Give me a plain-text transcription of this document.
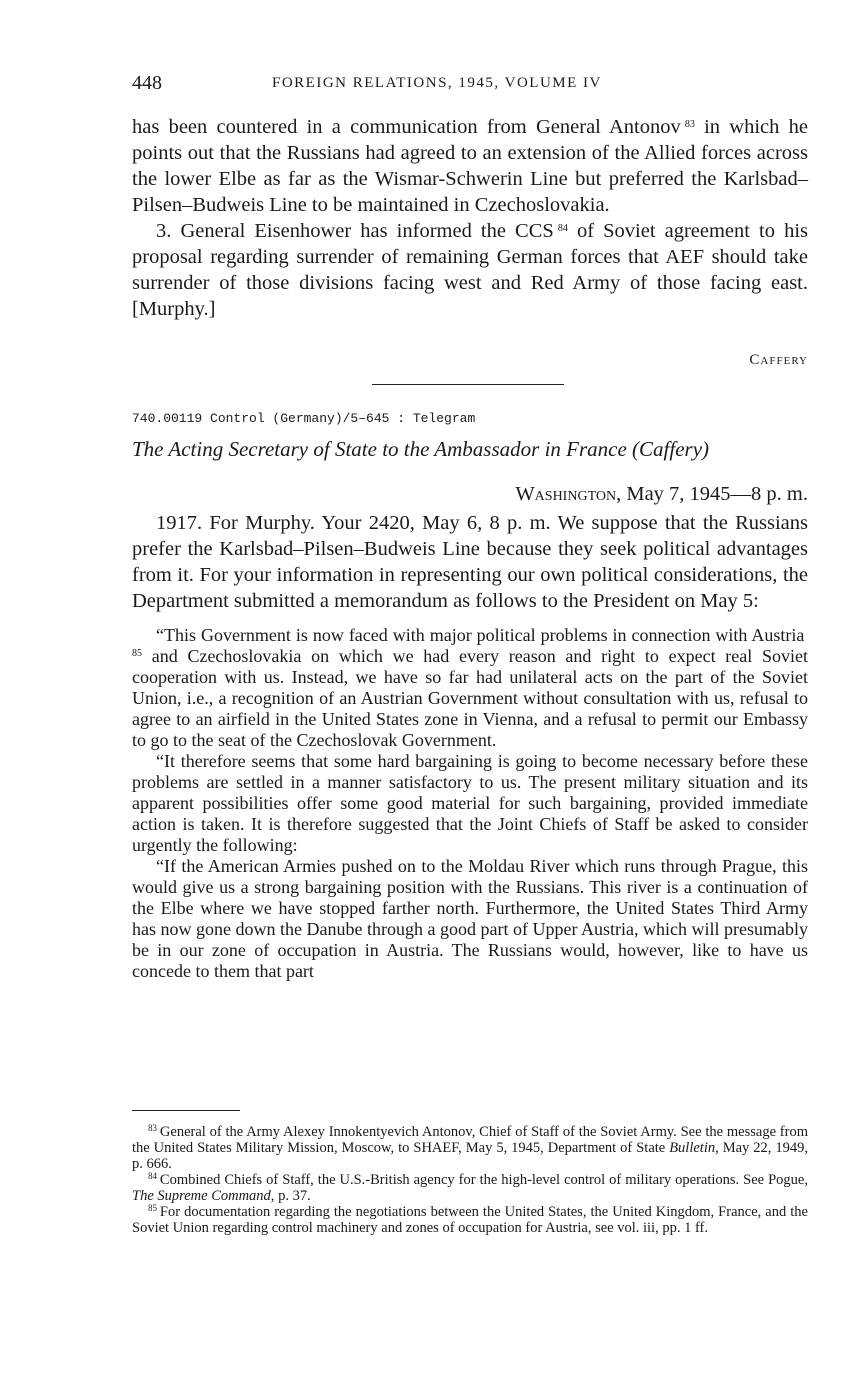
448	FOREIGN RELATIONS, 1945, VOLUME IV

has been countered in a communication from General Antonov  $^{83}$ in which he points out that the Russians had agreed to an extension of the Allied forces across the lower Elbe as far as the Wismar-Schwerin Line but preferred the Karlsbad–Pilsen–Budweis Line to be maintained in Czechoslovakia.

3. General Eisenhower has informed the CCS  $^{84}$ of Soviet agreement to his proposal regarding surrender of remaining German forces that AEF should take surrender of those divisions facing west and Red Army of those facing east. [Murphy.]

Caffery
740.00119 Control (Germany)/5–645 : Telegram
The Acting Secretary of State to the Ambassador in France (Caffery)
Washington, May 7, 1945—8 p. m.

1917. For Murphy. Your 2420, May 6, 8 p. m. We suppose that the Russians prefer the Karlsbad–Pilsen–Budweis Line because they seek political advantages from it. For your information in representing our own political considerations, the Department submitted a memorandum as follows to the President on May 5:

“This Government is now faced with major political problems in connection with Austria $^{85}$ and Czechoslovakia on which we had every reason and right to expect real Soviet cooperation with us. Instead, we have so far had unilateral acts on the part of the Soviet Union, i.e., a recognition of an Austrian Government without consultation with us, refusal to agree to an airfield in the United States zone in Vienna, and a refusal to permit our Embassy to go to the seat of the Czechoslovak Government.

“It therefore seems that some hard bargaining is going to become necessary before these problems are settled in a manner satisfactory to us. The present military situation and its apparent possibilities offer some good material for such bargaining, provided immediate action is taken. It is therefore suggested that the Joint Chiefs of Staff be asked to consider urgently the following:

“If the American Armies pushed on to the Moldau River which runs through Prague, this would give us a strong bargaining position with the Russians. This river is a continuation of the Elbe where we have stopped farther north. Furthermore, the United States Third Army has now gone down the Danube through a good part of Upper Austria, which will presumably be in our zone of occupation in Austria. The Russians would, however, like to have us concede to them that part

$^{83}$  General of the Army Alexey Innokentyevich Antonov, Chief of Staff of the Soviet Army. See the message from the United States Military Mission, Moscow, to SHAEF, May 5, 1945, Department of State Bulletin, May 22, 1949, p. 666.

$^{84}$  Combined Chiefs of Staff, the U.S.-British agency for the high-level control of military operations. See Pogue, The Supreme Command, p. 37.

$^{85}$  For documentation regarding the negotiations between the United States, the United Kingdom, France, and the Soviet Union regarding control machinery and zones of occupation for Austria, see vol. iii, pp. 1 ff.
